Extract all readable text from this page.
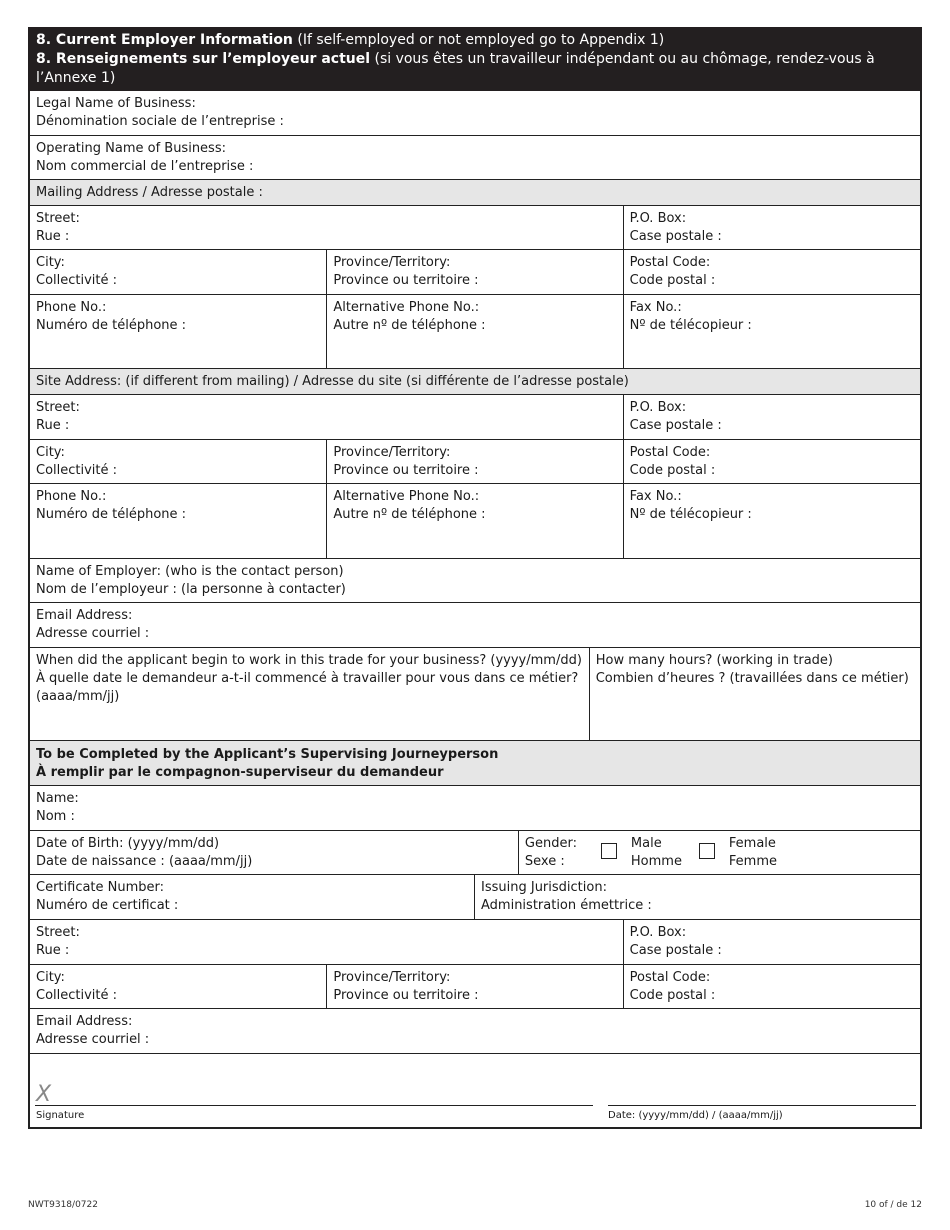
8. Current Employer Information (If self-employed or not employed go to Appendix 1)
8. Renseignements sur l’employeur actuel (si vous êtes un travailleur indépendant ou au chômage, rendez-vous à l’Annexe 1)
Legal Name of Business:
Dénomination sociale de l’entreprise :
Operating Name of Business:
Nom commercial de l’entreprise :
Mailing Address / Adresse postale :
Street:
Rue :
P.O. Box:
Case postale :
City:
Collectivité :
Province/Territory:
Province ou territoire :
Postal Code:
Code postal :
Phone No.:
Numéro de téléphone :
Alternative Phone No.:
Autre nº de téléphone :
Fax No.:
Nº de télécopieur :
Site Address: (if different from mailing) / Adresse du site (si différente de l’adresse postale)
Street:
Rue :
P.O. Box:
Case postale :
City:
Collectivité :
Province/Territory:
Province ou territoire :
Postal Code:
Code postal :
Phone No.:
Numéro de téléphone :
Alternative Phone No.:
Autre nº de téléphone :
Fax No.:
Nº de télécopieur :
Name of Employer: (who is the contact person)
Nom de l’employeur : (la personne à contacter)
Email Address:
Adresse courriel :
When did the applicant begin to work in this trade for your business? (yyyy/mm/dd)
À quelle date le demandeur a-t-il commencé à travailler pour vous dans ce métier?
(aaaa/mm/jj)
How many hours? (working in trade)
Combien d’heures ? (travaillées dans ce métier)
To be Completed by the Applicant’s Supervising Journeyperson
À remplir par le compagnon-superviseur du demandeur
Name:
Nom :
Date of Birth: (yyyy/mm/dd)
Date de naissance : (aaaa/mm/jj)
Gender:
Sexe :
Male
Homme
Female
Femme
Certificate Number:
Numéro de certificat :
Issuing Jurisdiction:
Administration émettrice :
Street:
Rue :
P.O. Box:
Case postale :
City:
Collectivité :
Province/Territory:
Province ou territoire :
Postal Code:
Code postal :
Email Address:
Adresse courriel :
X
Signature	Date: (yyyy/mm/dd) / (aaaa/mm/jj)
NWT9318/0722	10 of / de 12
